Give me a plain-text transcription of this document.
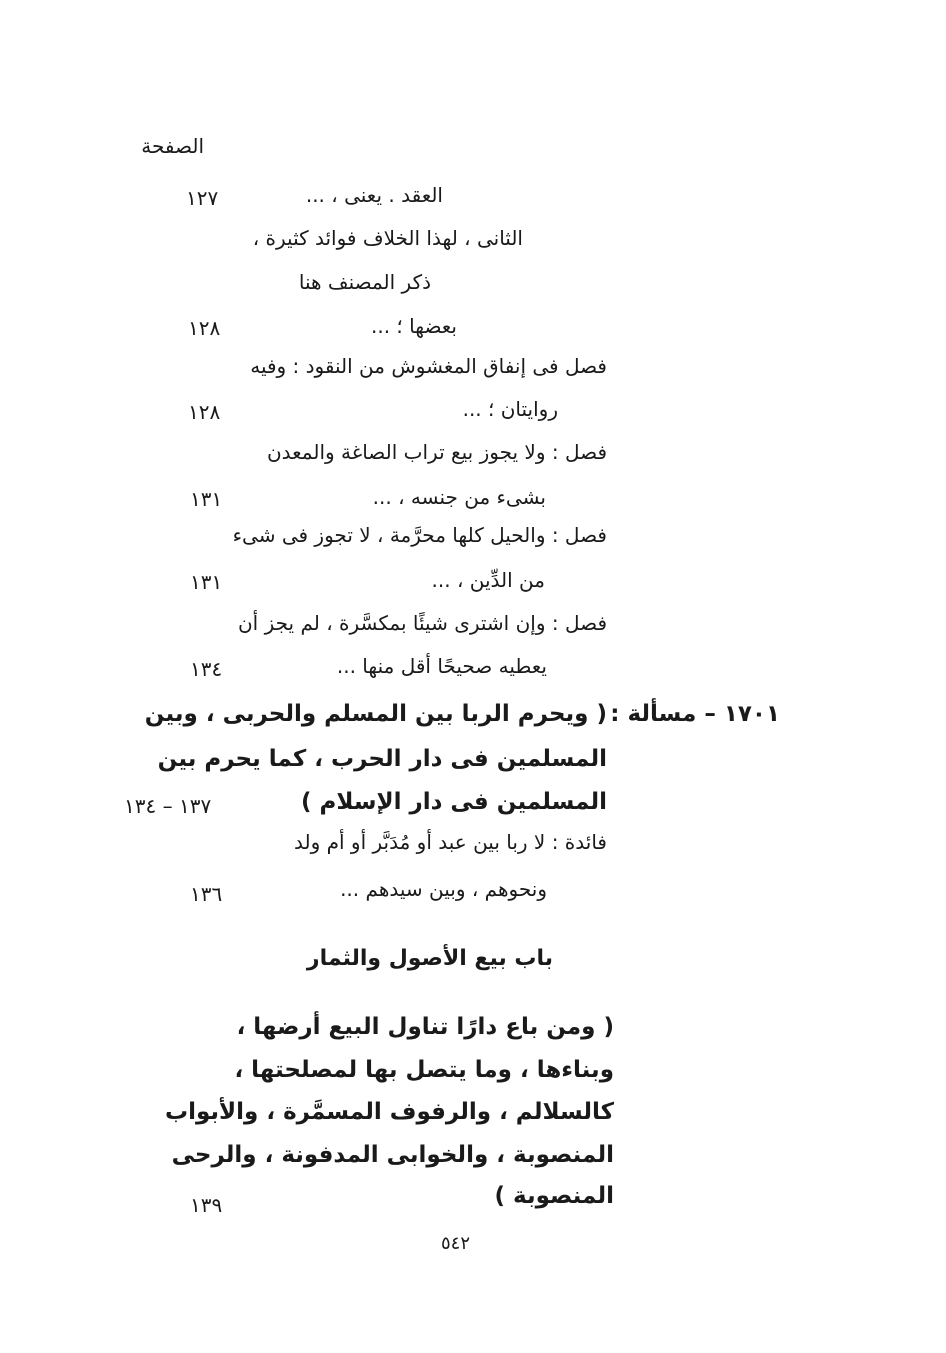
الصفحة
العقد . يعنى ، ...
الثانى ، لهذا الخلاف فوائد كثيرة ،
ذكر المصنف هنا
بعضها ؛ ...
فصل فى إنفاق المغشوش من النقود : وفيه
روايتان ؛ ...
فصل : ولا يجوز بيع تراب الصاغة والمعدن
بشىء من جنسه ، ...
فصل : والحيل كلها محرَّمة ، لا تجوز فى شىء
من الدِّين ، ...
فصل : وإن اشترى شيئًا بمكسَّرة ، لم يجز أن
يعطيه صحيحًا أقل منها ...
١٢٧
١٢٨
١٢٨
١٣١
١٣١
١٣٤
١٣٧ – ١٣٤
١٣٦
١٣٩
١٧٠١ – مسألة :
( ويحرم الربا بين المسلم والحربى ، وبين
المسلمين فى دار الحرب ، كما يحرم بين
المسلمين فى دار الإسلام )
فائدة : لا ربا بين عبد أو مُدَبَّر أو أم ولد
ونحوهم ، وبين سيدهم ...
باب بيع الأصول والثمار
( ومن باع دارًا تناول البيع أرضها ،
وبناءها ، وما يتصل بها لمصلحتها ،
كالسلالم ، والرفوف المسمَّرة ، والأبواب
المنصوبة ، والخوابى المدفونة ، والرحى
المنصوبة )
٥٤٢
